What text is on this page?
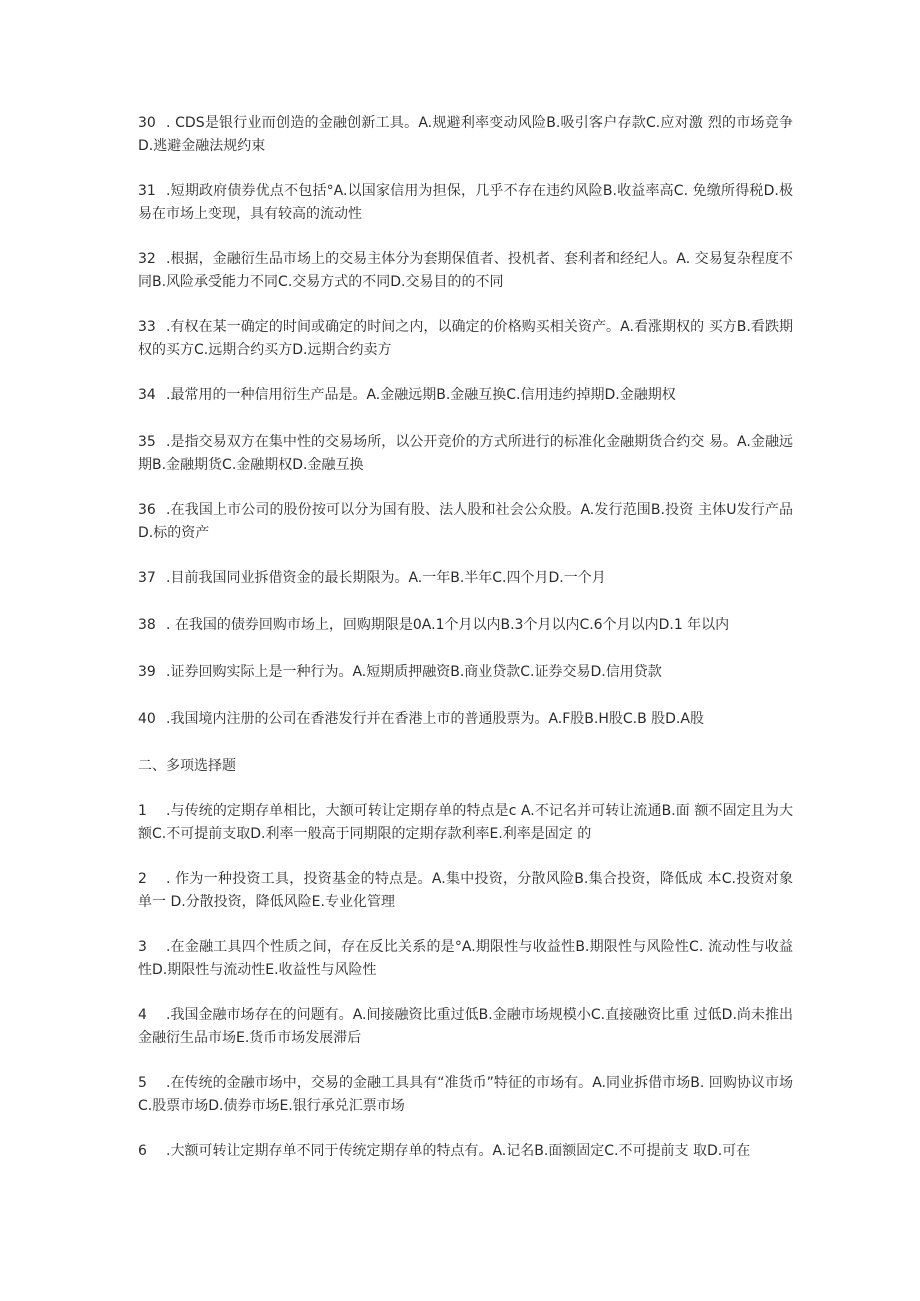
30 . CDS是银行业而创造的金融创新工具。A.规避利率变动风险B.吸引客户存款C.应对激 烈的市场竞争D.逃避金融法规约束

31 .短期政府债券优点不包括°A.以国家信用为担保，几乎不存在违约风险B.收益率高C. 免缴所得税D.极易在市场上变现，具有较高的流动性

32 .根据，金融衍生品市场上的交易主体分为套期保值者、投机者、套利者和经纪人。A. 交易复杂程度不同B.风险承受能力不同C.交易方式的不同D.交易目的的不同

33 .有权在某一确定的时间或确定的时间之内，以确定的价格购买相关资产。A.看涨期权的 买方B.看跌期权的买方C.远期合约买方D.远期合约卖方

34 .最常用的一种信用衍生产品是。A.金融远期B.金融互换C.信用违约掉期D.金融期权

35 .是指交易双方在集中性的交易场所，以公开竞价的方式所进行的标准化金融期货合约交 易。A.金融远期B.金融期货C.金融期权D.金融互换

36 .在我国上市公司的股份按可以分为国有股、法人股和社会公众股。A.发行范围B.投资 主体U发行产品D.标的资产

37 .目前我国同业拆借资金的最长期限为。A.一年B.半年C.四个月D.一个月

38 . 在我国的债券回购市场上，回购期限是0A.1个月以内B.3个月以内C.6个月以内D.1 年以内

39 .证券回购实际上是一种行为。A.短期质押融资B.商业贷款C.证券交易D.信用贷款

40 .我国境内注册的公司在香港发行并在香港上市的普通股票为。A.F股B.H股C.B 股D.A股

二、多项选择题

1 .与传统的定期存单相比，大额可转让定期存单的特点是c A.不记名并可转让流通B.面 额不固定且为大额C.不可提前支取D.利率一般高于同期限的定期存款利率E.利率是固定 的

2 . 作为一种投资工具，投资基金的特点是。A.集中投资，分散风险B.集合投资，降低成 本C.投资对象单一 D.分散投资，降低风险E.专业化管理

3 .在金融工具四个性质之间，存在反比关系的是°A.期限性与收益性B.期限性与风险性C. 流动性与收益性D.期限性与流动性E.收益性与风险性

4 .我国金融市场存在的问题有。A.间接融资比重过低B.金融市场规模小C.直接融资比重 过低D.尚未推出金融衍生品市场E.货币市场发展滞后

5 .在传统的金融市场中，交易的金融工具具有“准货币”特征的市场有。A.同业拆借市场B. 回购协议市场C.股票市场D.债券市场E.银行承兑汇票市场

6 .大额可转让定期存单不同于传统定期存单的特点有。A.记名B.面额固定C.不可提前支 取D.可在
